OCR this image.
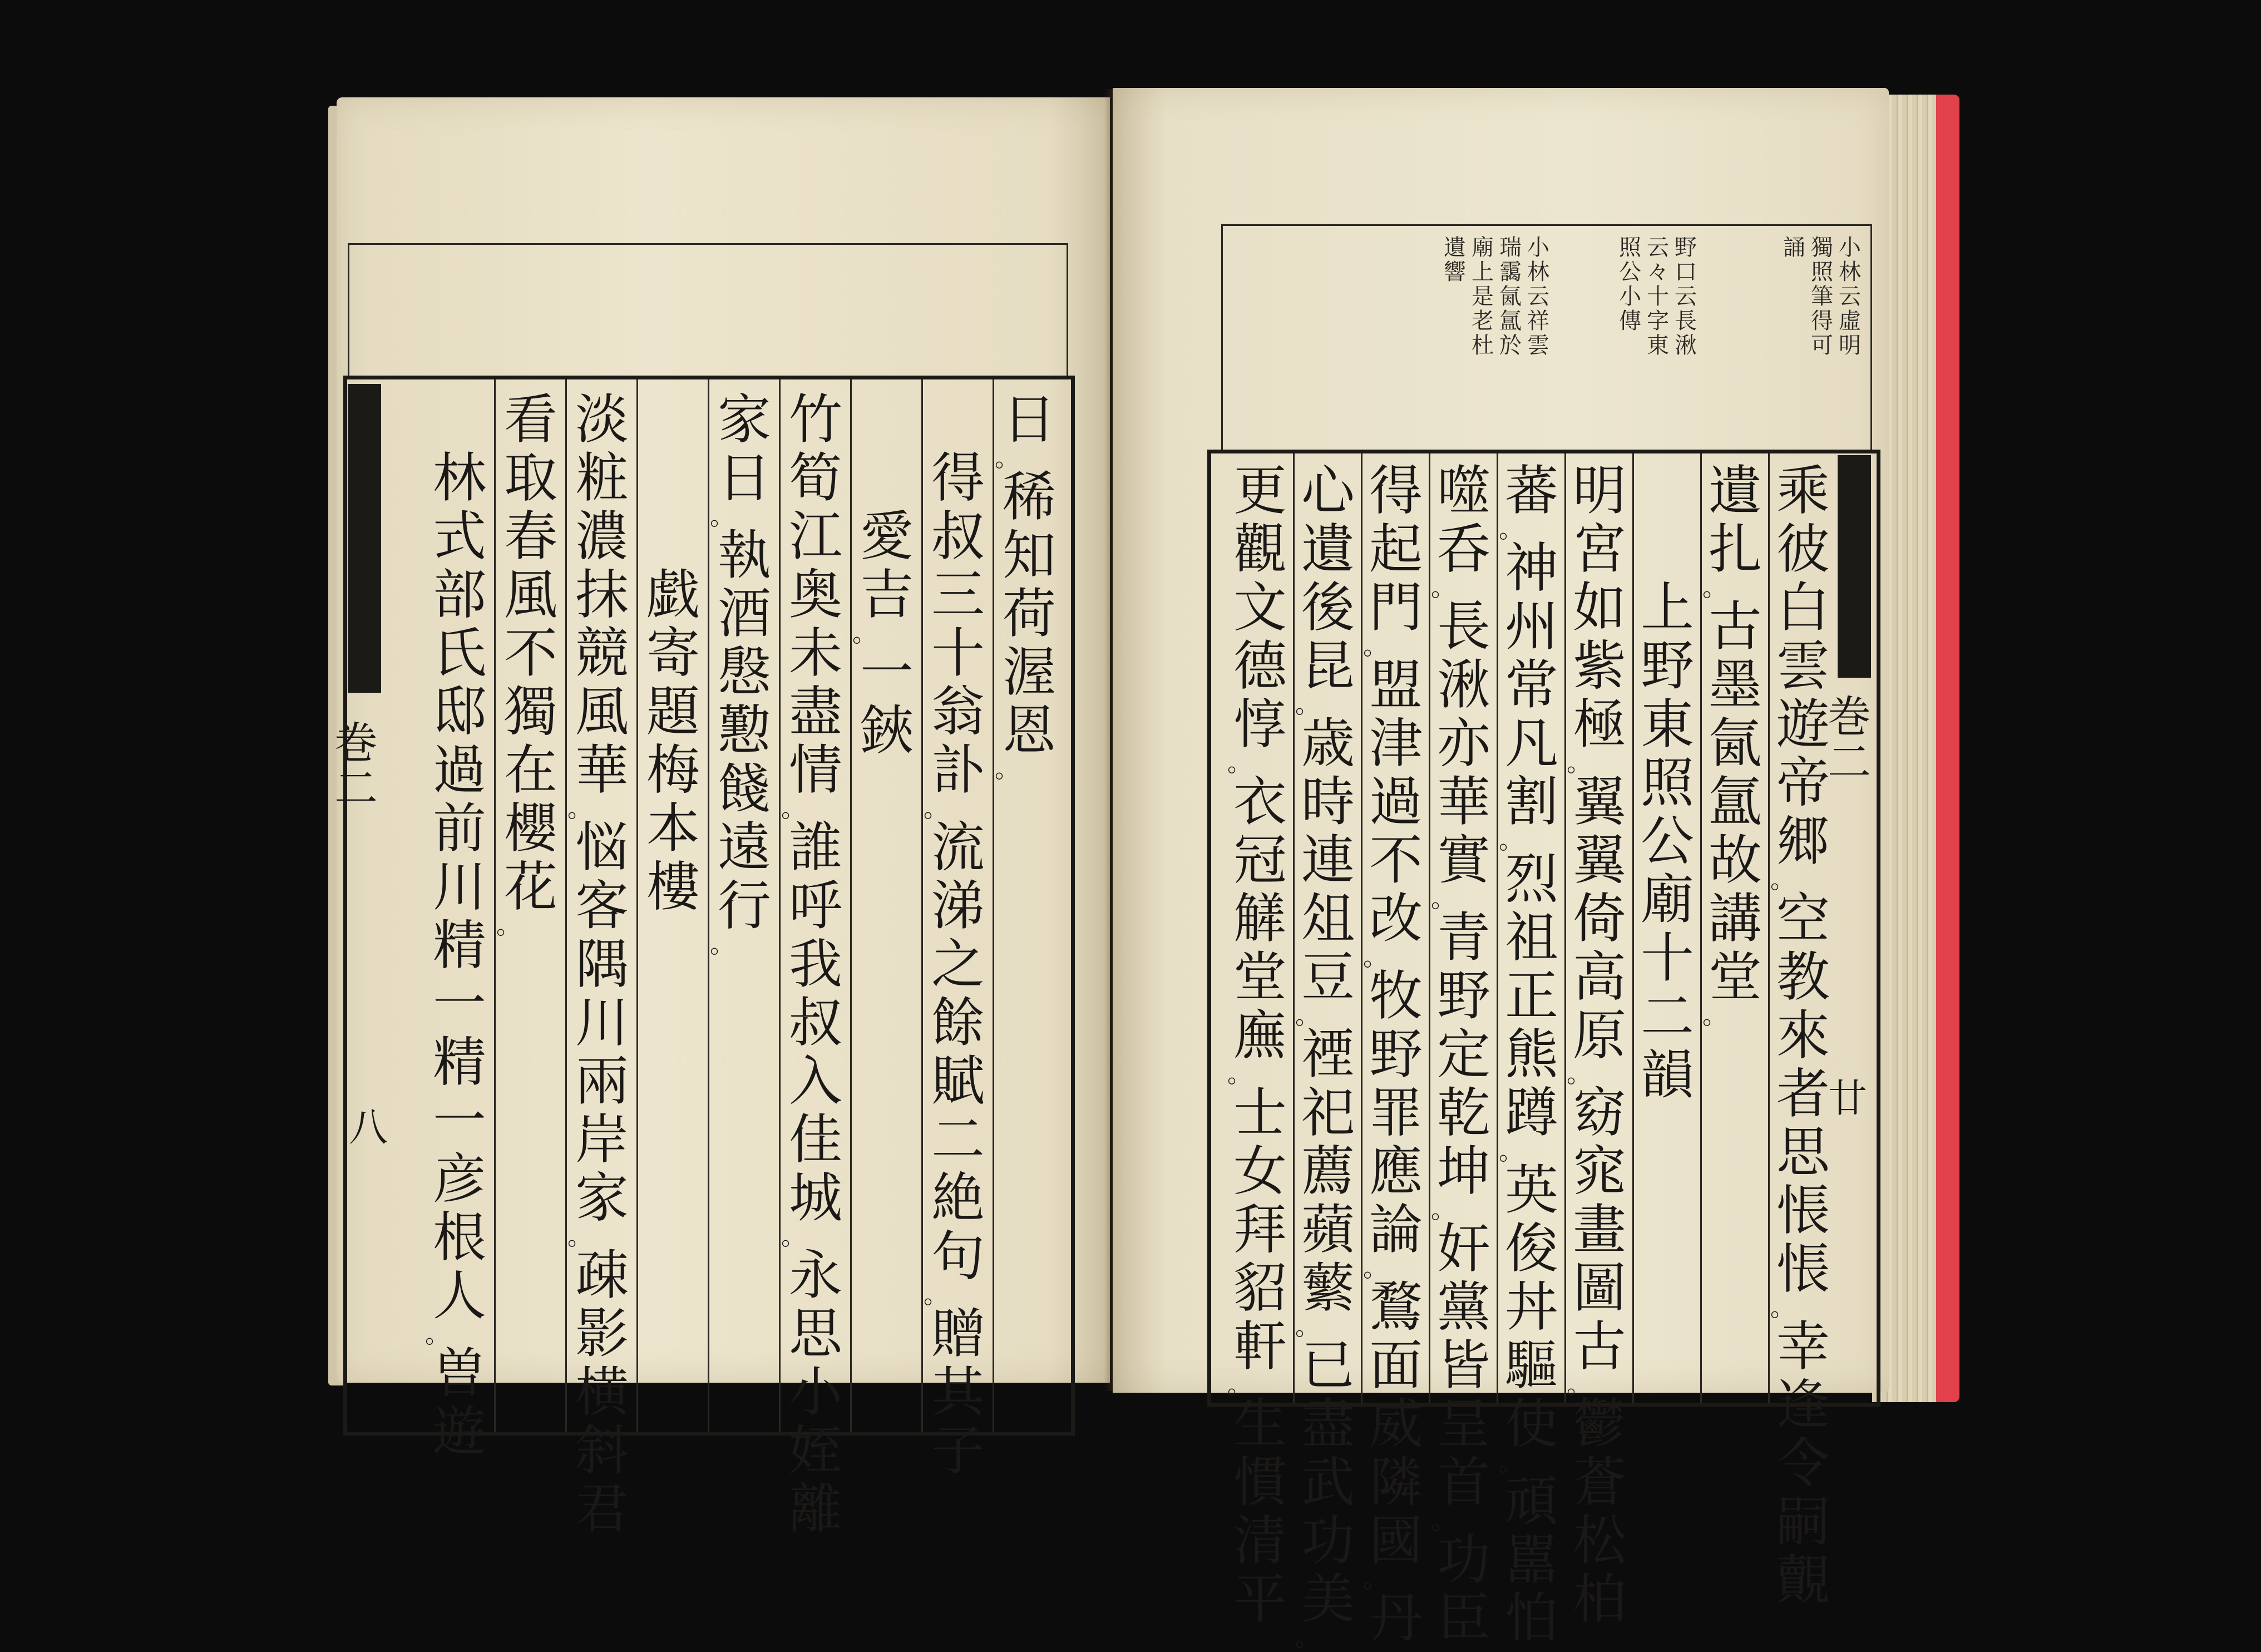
日
。
稀
知
荷
渥
恩
。
得
叔
三
十
翁
訃
。
流
涕
之
餘
賦
二
絶
句
。
贈
其
子
愛
吉
。
一
鋏
竹
筍
江
奥
未
盡
情
。
誰
呼
我
叔
入
佳
城
。
永
思
小
姪
離
家
日
。
執
酒
慇
懃
餞
遠
行
。
戯
寄
題
梅
本
樓
淡
粧
濃
抹
競
風
華
。
悩
客
隅
川
兩
岸
家
。
疎
影
横
斜
君
看
取
春
風
不
獨
在
櫻
花
。
林
式
部
氏
邸
過
前
川
精
一
精
一
彦
根
人
。
曽
遊
巻
二
八
乘
彼
白
雲
遊
帝
郷
。
空
教
來
者
思
悵
悵
。
幸
逢
令
嗣
覿
遺
扎
。
古
墨
氤
氲
故
講
堂
。
上
野
東
照
公
廟
十
二
韻
明
宮
如
紫
極
。
翼
翼
倚
高
原
。
窈
窕
畫
圖
古
。
鬱
蒼
松
柏
蕃
。
神
州
常
凡
割
。
烈
祖
正
熊
蹲
。
英
俊
丼
驅
使
。
頑
嚚
怕
噬
呑
。
長
湫
亦
華
實
。
青
野
定
乾
坤
。
奸
黨
皆
呈
首
。
功
臣
得
起
門
。
盟
津
過
不
改
。
牧
野
罪
應
論
。
鶩
面
威
隣
國
。
丹
心
遺
後
昆
。
歳
時
連
俎
豆
。
禋
祀
薦
蘋
蘩
。
已
盡
武
功
美
。
更
觀
文
德
惇
。
衣
冠
觲
堂
廡
。
士
女
拜
貂
軒
。
生
慣
清
平
巻
二
廿
小
林
云
虛
明
獨
照
筆
得
可
誦
野
口
云
長
湫
云
々
十
字
東
照
公
小
傳
小
林
云
祥
雲
瑞
靄
氤
氲
於
廟
上
是
老
杜
遺
響
